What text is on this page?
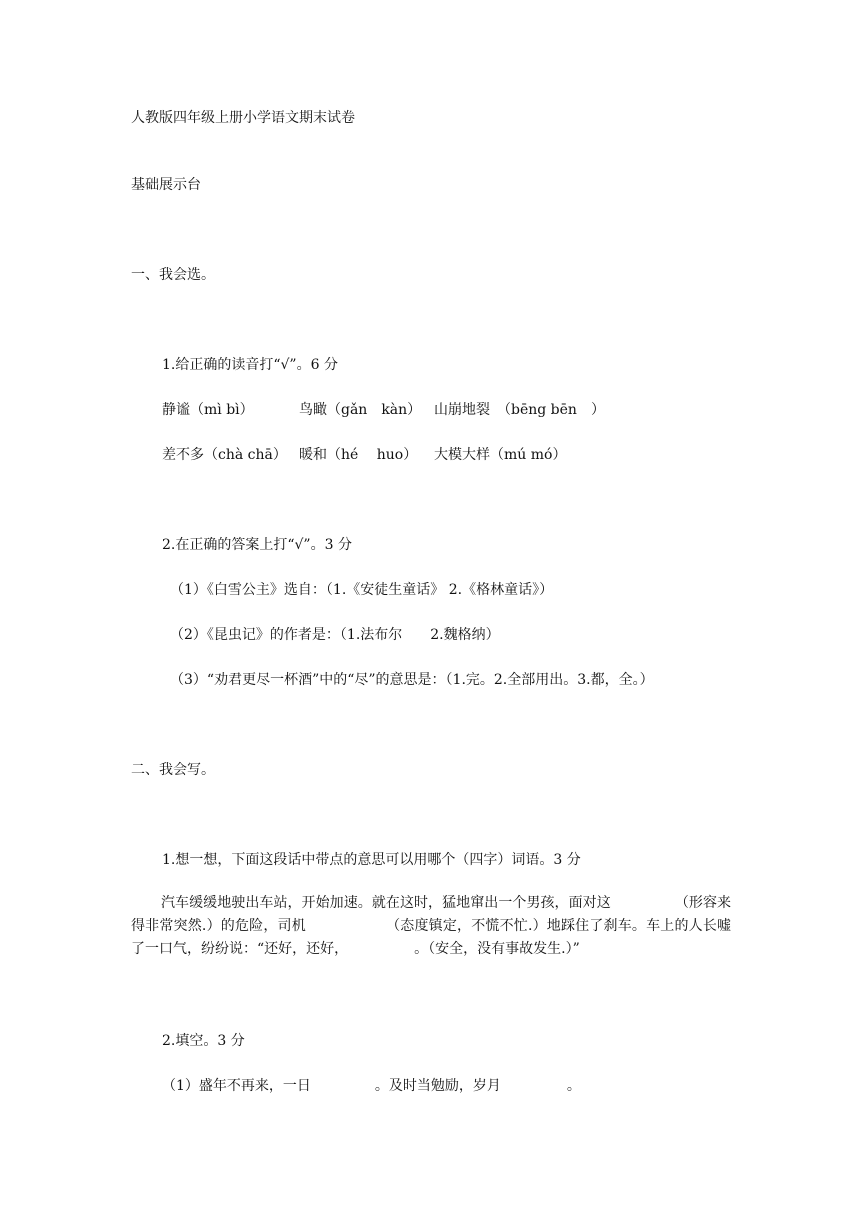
人教版四年级上册小学语文期末试卷

基础展示台

一、我会选。

1.给正确的读音打“√”。6 分

静谧（mì bì）	鸟瞰（gǎn　kàn） 山崩地裂　（bēng bēn　）
差不多（chà chā） 暖和（hé　 huo） 大模大样（mú mó）

2.在正确的答案上打“√”。3 分

（1）《白雪公主》选自：（1.《安徒生童话》 2.《格林童话》）

（2）《昆虫记》的作者是：（1.法布尔　　2.魏格纳）

（3）“劝君更尽一杯酒”中的“尽”的意思是：（1.完。2.全部用出。3.都，全。）

二、我会写。

1.想一想，下面这段话中带点的意思可以用哪个（四字）词语。3 分

汽车缓缓地驶出车站，开始加速。就在这时，猛地窜出一个男孩，面对这	（形容来得非常突然.）的危险，司机	（态度镇定，不慌不忙.）地踩住了刹车。车上的人长嘘了一口气，纷纷说：“还好，还好，	。（安全，没有事故发生.）”

2.填空。3 分

（1）盛年不再来，一日	。及时当勉励，岁月	。
